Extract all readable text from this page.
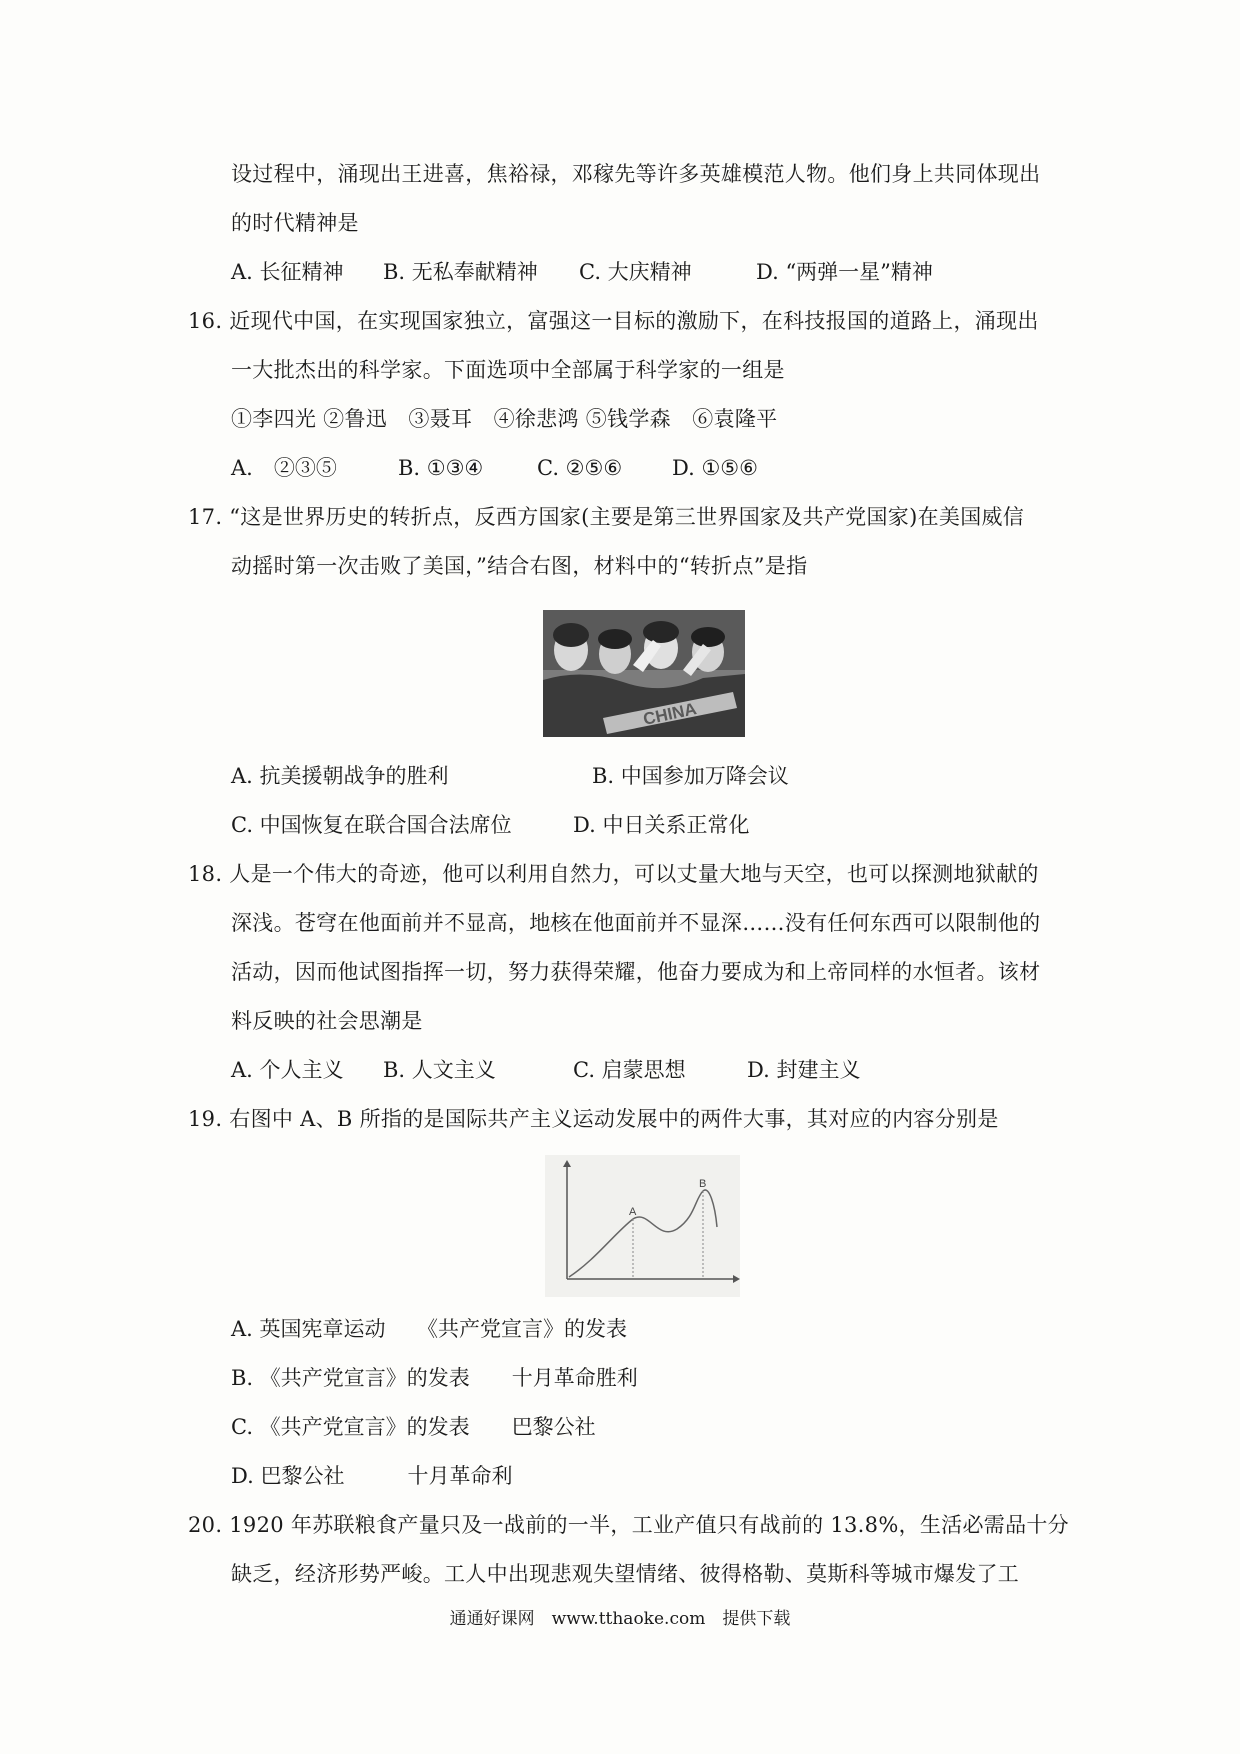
设过程中，涌现出王进喜，焦裕禄，邓稼先等许多英雄模范人物。他们身上共同体现出
的时代精神是
A. 长征精神 B. 无私奉献精神 C. 大庆精神	D. “两弹一星”精神
16. 近现代中国，在实现国家独立，富强这一目标的激励下，在科技报国的道路上，涌现出
一大批杰出的科学家。下面选项中全部属于科学家的一组是
①李四光 ②鲁迅　③聂耳　④徐悲鸿 ⑤钱学森　⑥袁隆平
A.　②③⑤	B. ①③④	C. ②⑤⑥ D. ①⑤⑥
17. “这是世界历史的转折点，反西方国家(主要是第三世界国家及共产党国家)在美国威信
动摇时第一次击败了美国，”结合右图，材料中的“转折点”是指
CHINA
A. 抗美援朝战争的胜利	B. 中国参加万降会议
C. 中国恢复在联合国合法席位	D. 中日关系正常化
18. 人是一个伟大的奇迹，他可以利用自然力，可以丈量大地与天空，也可以探测地狱献的
深浅。苍穹在他面前并不显高，地核在他面前并不显深……没有任何东西可以限制他的
活动，因而他试图指挥一切，努力获得荣耀，他奋力要成为和上帝同样的水恒者。该材
料反映的社会思潮是
A. 个人主义 B. 人文主义	C. 启蒙思想	D. 封建主义
19. 右图中 A、B 所指的是国际共产主义运动发展中的两件大事，其对应的内容分别是
A
B
A. 英国宪章运动　　《共产党宣言》的发表
B. 《共产党宣言》的发表　　十月革命胜利
C. 《共产党宣言》的发表　　巴黎公社
D. 巴黎公社　　　十月革命利
20. 1920 年苏联粮食产量只及一战前的一半，工业产值只有战前的 13.8%，生活必需品十分
缺乏，经济形势严峻。工人中出现悲观失望情绪、彼得格勒、莫斯科等城市爆发了工
通通好课网　www.tthaoke.com　提供下载
